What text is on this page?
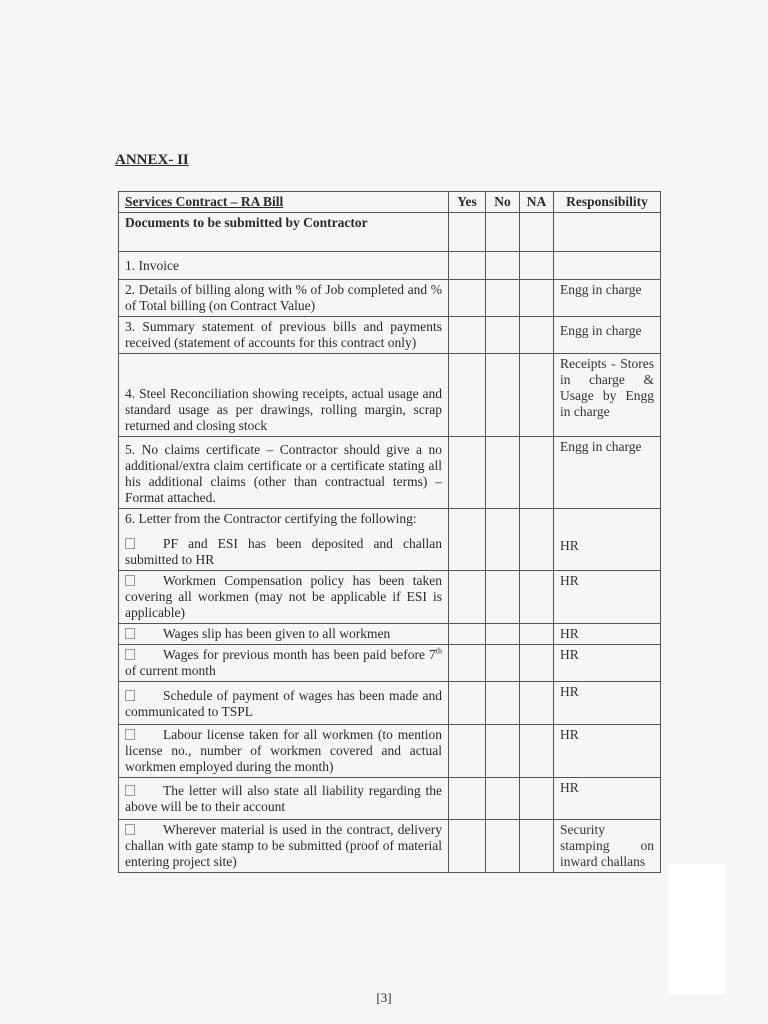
ANNEX- II
Services Contract – RA Bill	Yes	No	NA	Responsibility
Documents to be submitted by Contractor				
1. Invoice				
2. Details of billing along with % of Job completed and % of Total billing (on Contract Value)				Engg in charge
3. Summary statement of previous bills and payments received (statement of accounts for this contract only)				Engg in charge
4. Steel Reconciliation showing receipts, actual usage and standard usage as per drawings, rolling margin, scrap returned and closing stock				Receipts - Stores in charge & Usage by Engg in charge
5. No claims certificate – Contractor should give a no additional/extra claim certificate or a certificate stating all his additional claims (other than contractual terms) – Format attached.				Engg in charge

6. Letter from the Contractor certifying the following:
PF and ESI has been deposited and challan submitted to HR				HR
Workmen Compensation policy has been taken covering all workmen (may not be applicable if ESI is applicable)				HR
Wages slip has been given to all workmen				HR
Wages for previous month has been paid before 7th of current month				HR
Schedule of payment of wages has been made and communicated to TSPL				HR
Labour license taken for all workmen (to mention license no., number of workmen covered and actual workmen employed during the month)				HR
The letter will also state all liability regarding the above will be to their account				HR
Wherever material is used in the contract, delivery challan with gate stamp to be submitted (proof of material entering project site)				Security stamping on inward challans
[3]
